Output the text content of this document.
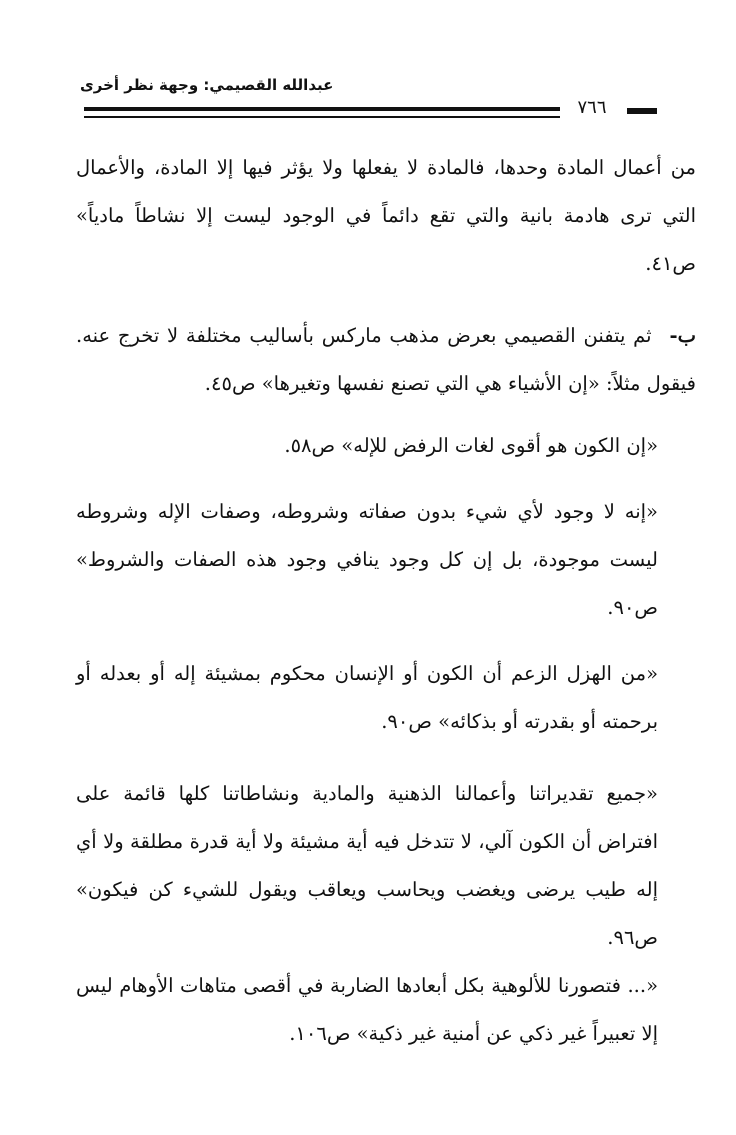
عبدالله القصيمي: وجهة نظر أخرى
٧٦٦

من أعمال المادة وحدها، فالمادة لا يفعلها ولا يؤثر فيها إلا المادة، والأعمال التي ترى هادمة بانية والتي تقع دائماً في الوجود ليست إلا نشاطاً مادياً» ص٤١.

ب-ثم يتفنن القصيمي بعرض مذهب ماركس بأساليب مختلفة لا تخرج عنه. فيقول مثلاً: «إن الأشياء هي التي تصنع نفسها وتغيرها» ص٤٥.

«إن الكون هو أقوى لغات الرفض للإله» ص٥٨.

«إنه لا وجود لأي شيء بدون صفاته وشروطه، وصفات الإله وشروطه ليست موجودة، بل إن كل وجود ينافي وجود هذه الصفات والشروط» ص٩٠.

«من الهزل الزعم أن الكون أو الإنسان محكوم بمشيئة إله أو بعدله أو برحمته أو بقدرته أو بذكائه» ص٩٠.

«جميع تقديراتنا وأعمالنا الذهنية والمادية ونشاطاتنا كلها قائمة على افتراض أن الكون آلي، لا تتدخل فيه أية مشيئة ولا أية قدرة مطلقة ولا أي إله طيب يرضى ويغضب ويحاسب ويعاقب ويقول للشيء كن فيكون» ص٩٦.

«... فتصورنا للألوهية بكل أبعادها الضاربة في أقصى متاهات الأوهام ليس إلا تعبيراً غير ذكي عن أمنية غير ذكية» ص١٠٦.
